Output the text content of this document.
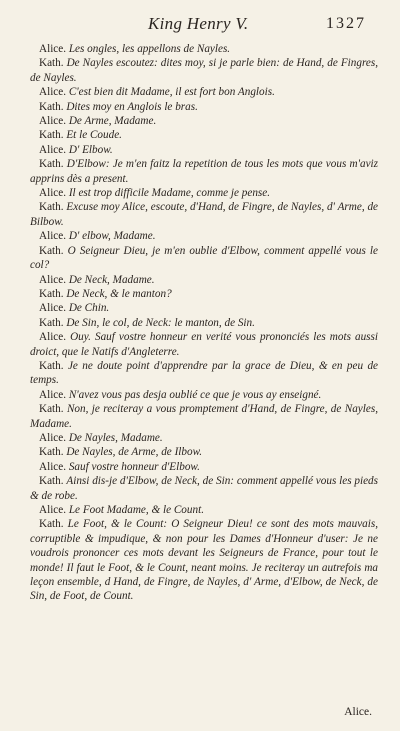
King Henry V.	1327

Alice. Les ongles, les appellons de Nayles.

Kath. De Nayles escoutez: dites moy, si je parle bien: de Hand, de Fingres, de Nayles.

Alice. C'est bien dit Madame, il est fort bon Anglois.

Kath. Dites moy en Anglois le bras.

Alice. De Arme, Madame.

Kath. Et le Coude.

Alice. D' Elbow.

Kath. D'Elbow: Je m'en faitz la repetition de tous les mots que vous m'aviz apprins dès a present.

Alice. Il est trop difficile Madame, comme je pense.

Kath. Excuse moy Alice, escoute, d'Hand, de Fingre, de Nayles, d' Arme, de Bilbow.

Alice. D' elbow, Madame.

Kath. O Seigneur Dieu, je m'en oublie d'Elbow, comment appellé vous le col?

Alice. De Neck, Madame.

Kath. De Neck, & le manton?

Alice. De Chin.

Kath. De Sin, le col, de Neck: le manton, de Sin.

Alice. Ouy. Sauf vostre honneur en verité vous prononciés les mots aussi droict, que le Natifs d'Angleterre.

Kath. Je ne doute point d'apprendre par la grace de Dieu, & en peu de temps.

Alice. N'avez vous pas desja oublié ce que je vous ay enseigné.

Kath. Non, je reciteray a vous promptement d'Hand, de Fingre, de Nayles, Madame.

Alice. De Nayles, Madame.

Kath. De Nayles, de Arme, de Ilbow.

Alice. Sauf vostre honneur d'Elbow.

Kath. Ainsi dis-je d'Elbow, de Neck, de Sin: comment appellé vous les pieds & de robe.

Alice. Le Foot Madame, & le Count.

Kath. Le Foot, & le Count: O Seigneur Dieu! ce sont des mots mauvais, corruptible & impudique, & non pour les Dames d'Honneur d'user: Je ne voudrois prononcer ces mots devant les Seigneurs de France, pour tout le monde! Il faut le Foot, & le Count, neant moins. Je reciteray un autrefois ma leçon ensemble, d Hand, de Fingre, de Nayles, d' Arme, d'Elbow, de Neck, de Sin, de Foot, de Count.

Alice.
